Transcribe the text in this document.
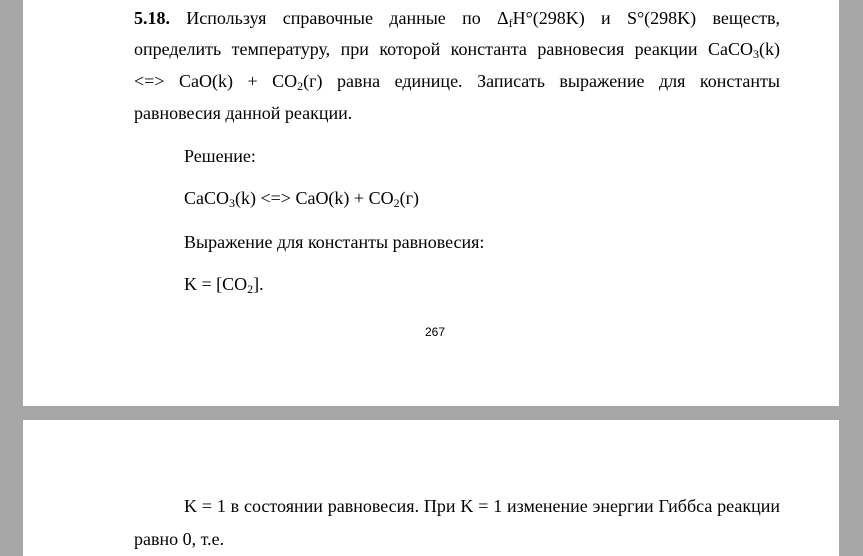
5.18. Используя справочные данные по $\Delta_fH^\circ(298K)$ и S°(298K) веществ,
определить температуру, при которой константа равновесия реакции CaCO$_3$(k)
<=> $CaO(k) + CO_2(г)$ равна единице. Записать выражение для константы
равновесия данной реакции.
Решение:
CaCO$_3$(k) <=> $CaO(k) + CO_2(г)$
Выражение для константы равновесия:
$K = [CO_2]$.
267
K = 1 в состоянии равновесия. При K = 1 изменение энергии Гиббса реакции
равно 0, т.е.
